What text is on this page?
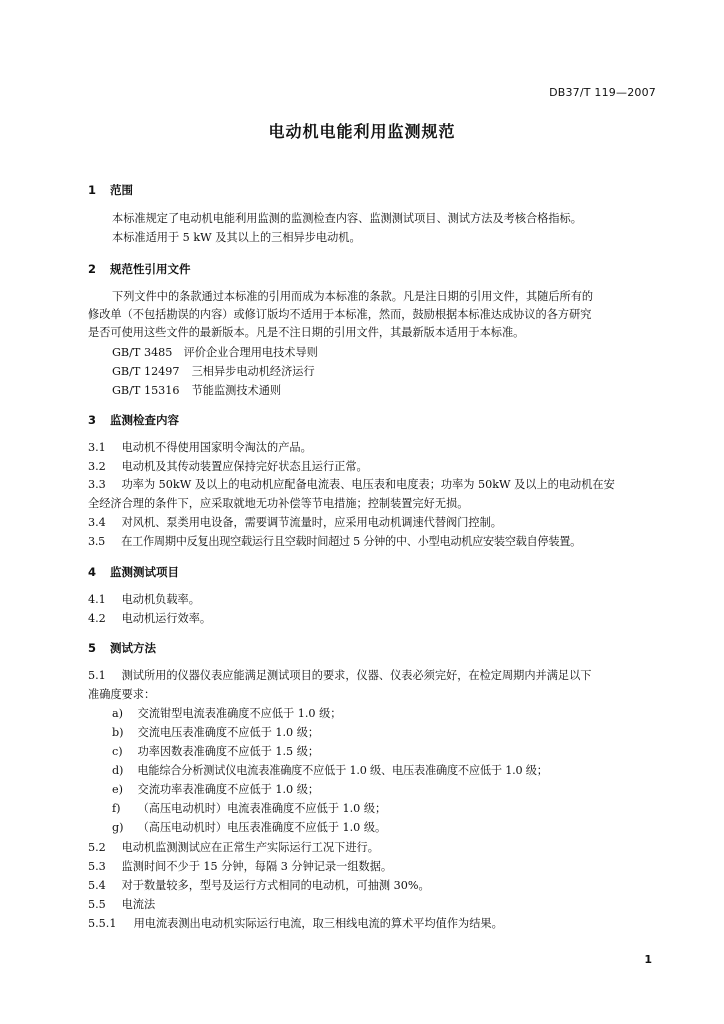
DB37/T 119—2007
电动机电能利用监测规范
1 范围
本标准规定了电动机电能利用监测的监测检查内容、监测测试项目、测试方法及考核合格指标。
本标准适用于 5 kW 及其以上的三相异步电动机。
2 规范性引用文件
下列文件中的条款通过本标准的引用而成为本标准的条款。凡是注日期的引用文件，其随后所有的
修改单（不包括勘误的内容）或修订版均不适用于本标准，然而，鼓励根据本标准达成协议的各方研究
是否可使用这些文件的最新版本。凡是不注日期的引用文件，其最新版本适用于本标准。
GB/T 3485 评价企业合理用电技术导则
GB/T 12497 三相异步电动机经济运行
GB/T 15316 节能监测技术通则
3 监测检查内容
3.1 电动机不得使用国家明令淘汰的产品。
3.2 电动机及其传动装置应保持完好状态且运行正常。
3.3 功率为 50kW 及以上的电动机应配备电流表、电压表和电度表；功率为 50kW 及以上的电动机在安
全经济合理的条件下，应采取就地无功补偿等节电措施；控制装置完好无损。
3.4 对风机、泵类用电设备，需要调节流量时，应采用电动机调速代替阀门控制。
3.5 在工作周期中反复出现空载运行且空载时间超过 5 分钟的中、小型电动机应安装空载自停装置。
4 监测测试项目
4.1 电动机负载率。
4.2 电动机运行效率。
5 测试方法
5.1 测试所用的仪器仪表应能满足测试项目的要求，仪器、仪表必须完好，在检定周期内并满足以下
准确度要求：
a) 交流钳型电流表准确度不应低于 1.0 级；
b) 交流电压表准确度不应低于 1.0 级；
c) 功率因数表准确度不应低于 1.5 级；
d) 电能综合分析测试仪电流表准确度不应低于 1.0 级、电压表准确度不应低于 1.0 级；
e) 交流功率表准确度不应低于 1.0 级；
f) （高压电动机时）电流表准确度不应低于 1.0 级；
g) （高压电动机时）电压表准确度不应低于 1.0 级。
5.2 电动机监测测试应在正常生产实际运行工况下进行。
5.3 监测时间不少于 15 分钟，每隔 3 分钟记录一组数据。
5.4 对于数量较多，型号及运行方式相同的电动机，可抽测 30%。
5.5 电流法
5.5.1 用电流表测出电动机实际运行电流，取三相线电流的算术平均值作为结果。
1
